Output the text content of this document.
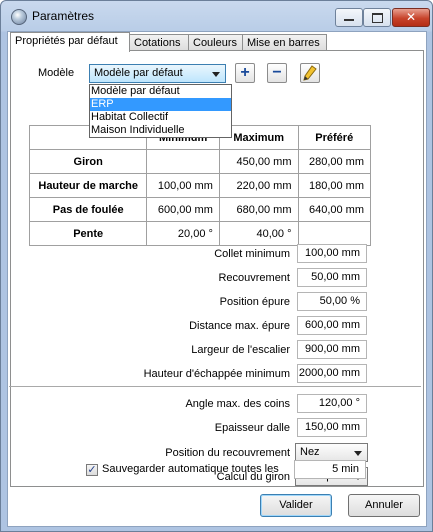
Paramètres	✕
Propriétés par défaut	Cotations	Couleurs Mise en barres
Modèle Modèle par défaut	+	−
		Maximum	Préféré
Giron		450,00 mm	280,00 mm
Hauteur de marche	100,00 mm	220,00 mm	180,00 mm
Pas de foulée	600,00 mm	680,00 mm	640,00 mm
Pente	20,00 °	40,00 °	
Modèle par défaut
ERP
Habitat Collectif
Maison Individuelle
Collet minimum	100,00 mm
Recouvrement	50,00 mm
Position épure	50,00 %
Distance max. épure	600,00 mm
Largeur de l'escalier	900,00 mm
Hauteur d'échappée minimum 2000,00 mm
Angle max. des coins	120,00 °
Epaisseur dalle	150,00 mm
Position du recouvrement Nez
Calcul du giron
✓ Sauvegarder automatique toutes les	5 min
Valider	Annuler
